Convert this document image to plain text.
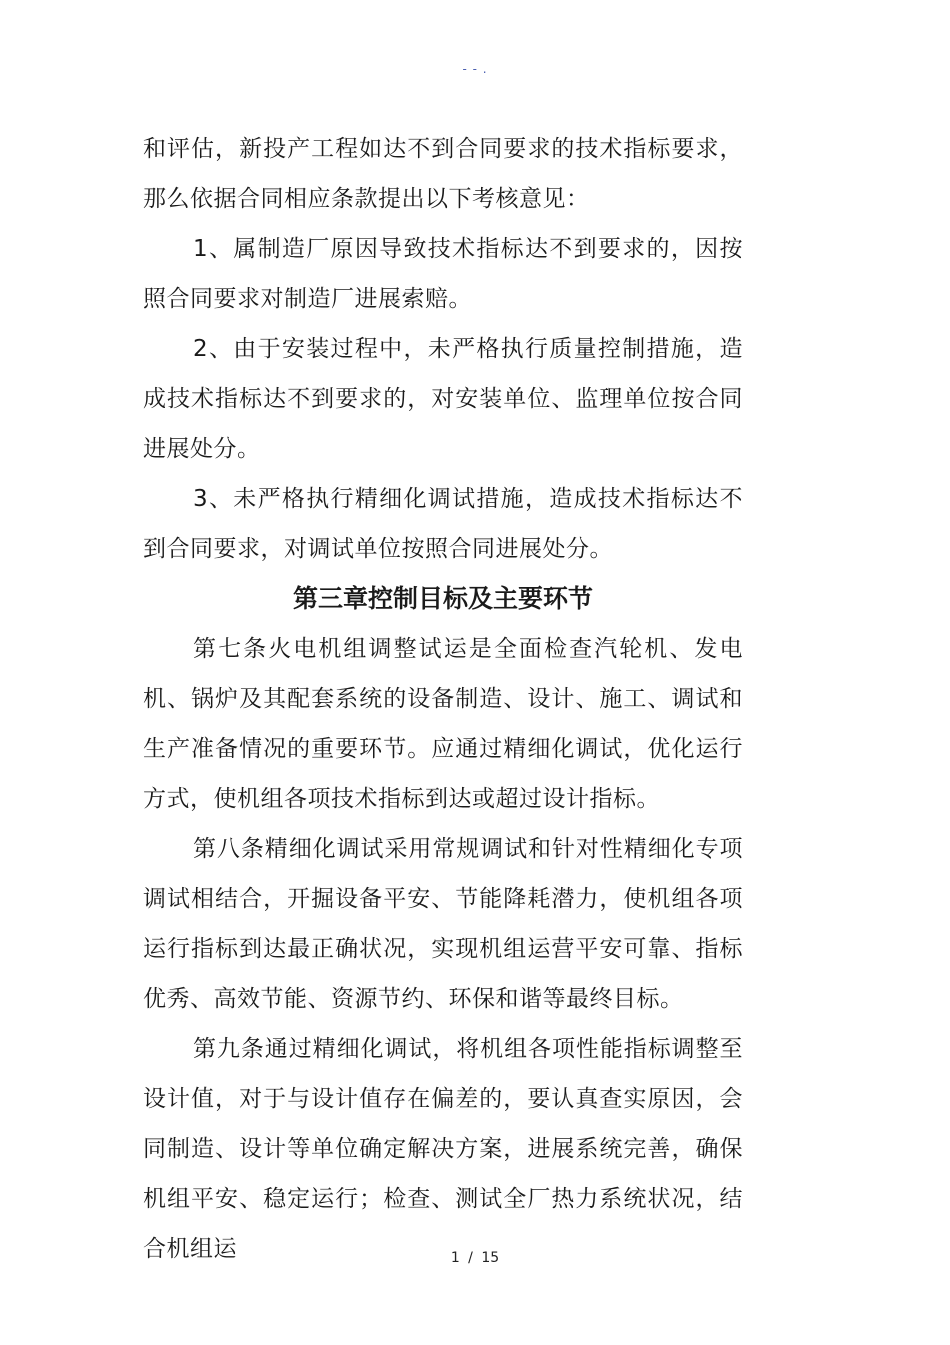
- - .

和评估，新投产工程如达不到合同要求的技术指标要求，那么依据合同相应条款提出以下考核意见：

1、属制造厂原因导致技术指标达不到要求的，因按照合同要求对制造厂进展索赔。

2、由于安装过程中，未严格执行质量控制措施，造成技术指标达不到要求的，对安装单位、监理单位按合同进展处分。

3、未严格执行精细化调试措施，造成技术指标达不到合同要求，对调试单位按照合同进展处分。

第三章控制目标及主要环节

第七条火电机组调整试运是全面检查汽轮机、发电机、锅炉及其配套系统的设备制造、设计、施工、调试和生产准备情况的重要环节。应通过精细化调试，优化运行方式，使机组各项技术指标到达或超过设计指标。

第八条精细化调试采用常规调试和针对性精细化专项调试相结合，开掘设备平安、节能降耗潜力，使机组各项运行指标到达最正确状况，实现机组运营平安可靠、指标优秀、高效节能、资源节约、环保和谐等最终目标。

第九条通过精细化调试，将机组各项性能指标调整至设计值，对于与设计值存在偏差的，要认真查实原因，会同制造、设计等单位确定解决方案，进展系统完善，确保机组平安、稳定运行；检查、测试全厂热力系统状况，结合机组运	1 / 15
